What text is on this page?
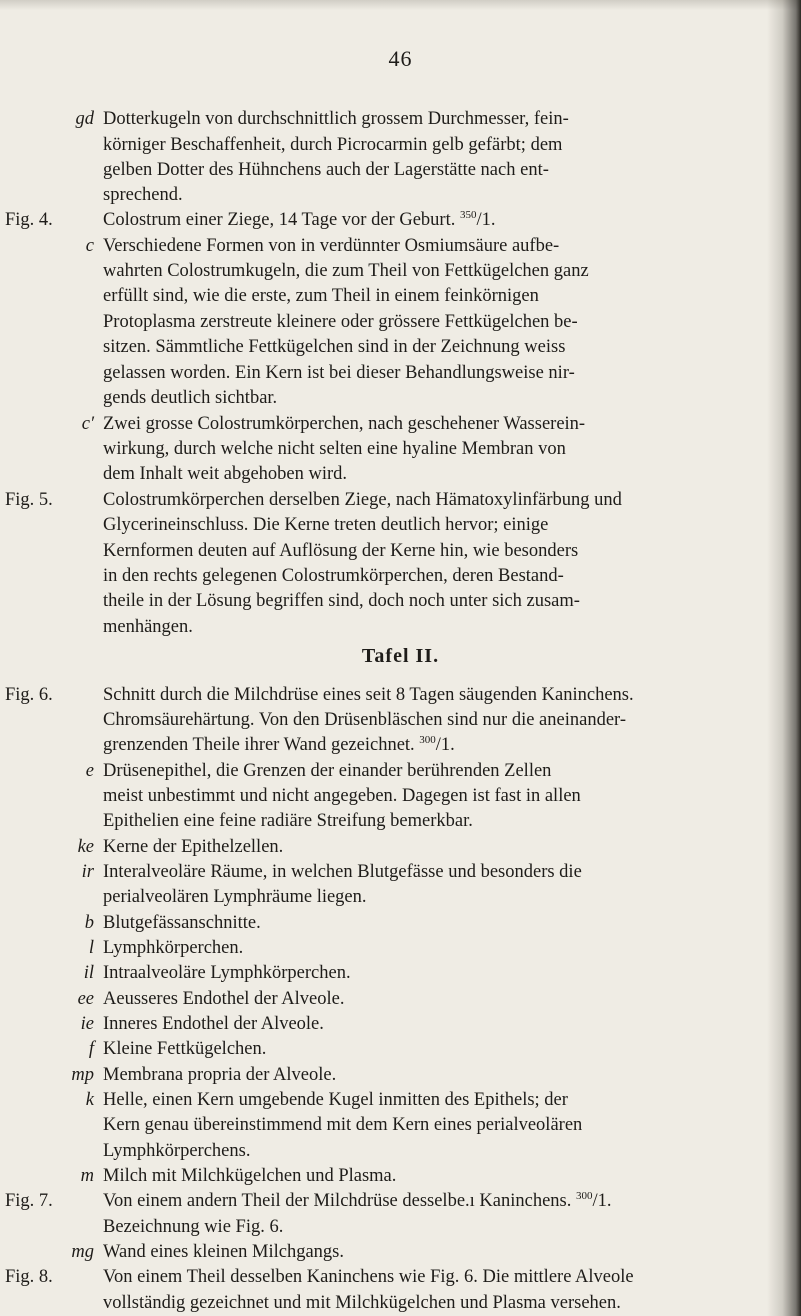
46
Tafel II.
gd Dotterkugeln von durchschnittlich grossem Durchmesser, fein-
körniger Beschaffenheit, durch Picrocarmin gelb gefärbt; dem
gelben Dotter des Hühnchens auch der Lagerstätte nach ent-
sprechend.
Fig. 4.	Colostrum einer Ziege, 14 Tage vor der Geburt. $^{350}$/1.
c Verschiedene Formen von in verdünnter Osmiumsäure aufbe-
wahrten Colostrumkugeln, die zum Theil von Fettkügelchen ganz
erfüllt sind, wie die erste, zum Theil in einem feinkörnigen
Protoplasma zerstreute kleinere oder grössere Fettkügelchen be-
sitzen. Sämmtliche Fettkügelchen sind in der Zeichnung weiss
gelassen worden. Ein Kern ist bei dieser Behandlungsweise nir-
gends deutlich sichtbar.
c′ Zwei grosse Colostrumkörperchen, nach geschehener Wasserein-
wirkung, durch welche nicht selten eine hyaline Membran von
dem Inhalt weit abgehoben wird.
Fig. 5.	Colostrumkörperchen derselben Ziege, nach Hämatoxylinfärbung und
Glycerineinschluss. Die Kerne treten deutlich hervor; einige
Kernformen deuten auf Auflösung der Kerne hin, wie besonders
in den rechts gelegenen Colostrumkörperchen, deren Bestand-
theile in der Lösung begriffen sind, doch noch unter sich zusam-
menhängen.
Fig. 6.	Schnitt durch die Milchdrüse eines seit 8 Tagen säugenden Kaninchens.
Chromsäurehärtung. Von den Drüsenbläschen sind nur die aneinander-
grenzenden Theile ihrer Wand gezeichnet. $^{300}$/1.
e Drüsenepithel, die Grenzen der einander berührenden Zellen
meist unbestimmt und nicht angegeben. Dagegen ist fast in allen
Epithelien eine feine radiäre Streifung bemerkbar.
ke Kerne der Epithelzellen.
ir Interalveoläre Räume, in welchen Blutgefässe und besonders die
perialveolären Lymphräume liegen.
b Blutgefässanschnitte.
l Lymphkörperchen.
il Intraalveoläre Lymphkörperchen.
ee Aeusseres Endothel der Alveole.
ie Inneres Endothel der Alveole.
f Kleine Fettkügelchen.
mp Membrana propria der Alveole.
k Helle, einen Kern umgebende Kugel inmitten des Epithels; der
Kern genau übereinstimmend mit dem Kern eines perialveolären
Lymphkörperchens.
m Milch mit Milchkügelchen und Plasma.
Fig. 7.	Von einem andern Theil der Milchdrüse desselbe.ı Kaninchens. $^{300}$/1.
Bezeichnung wie Fig. 6.
mg Wand eines kleinen Milchgangs.
Fig. 8.	Von einem Theil desselben Kaninchens wie Fig. 6. Die mittlere Alveole
vollständig gezeichnet und mit Milchkügelchen und Plasma versehen.
